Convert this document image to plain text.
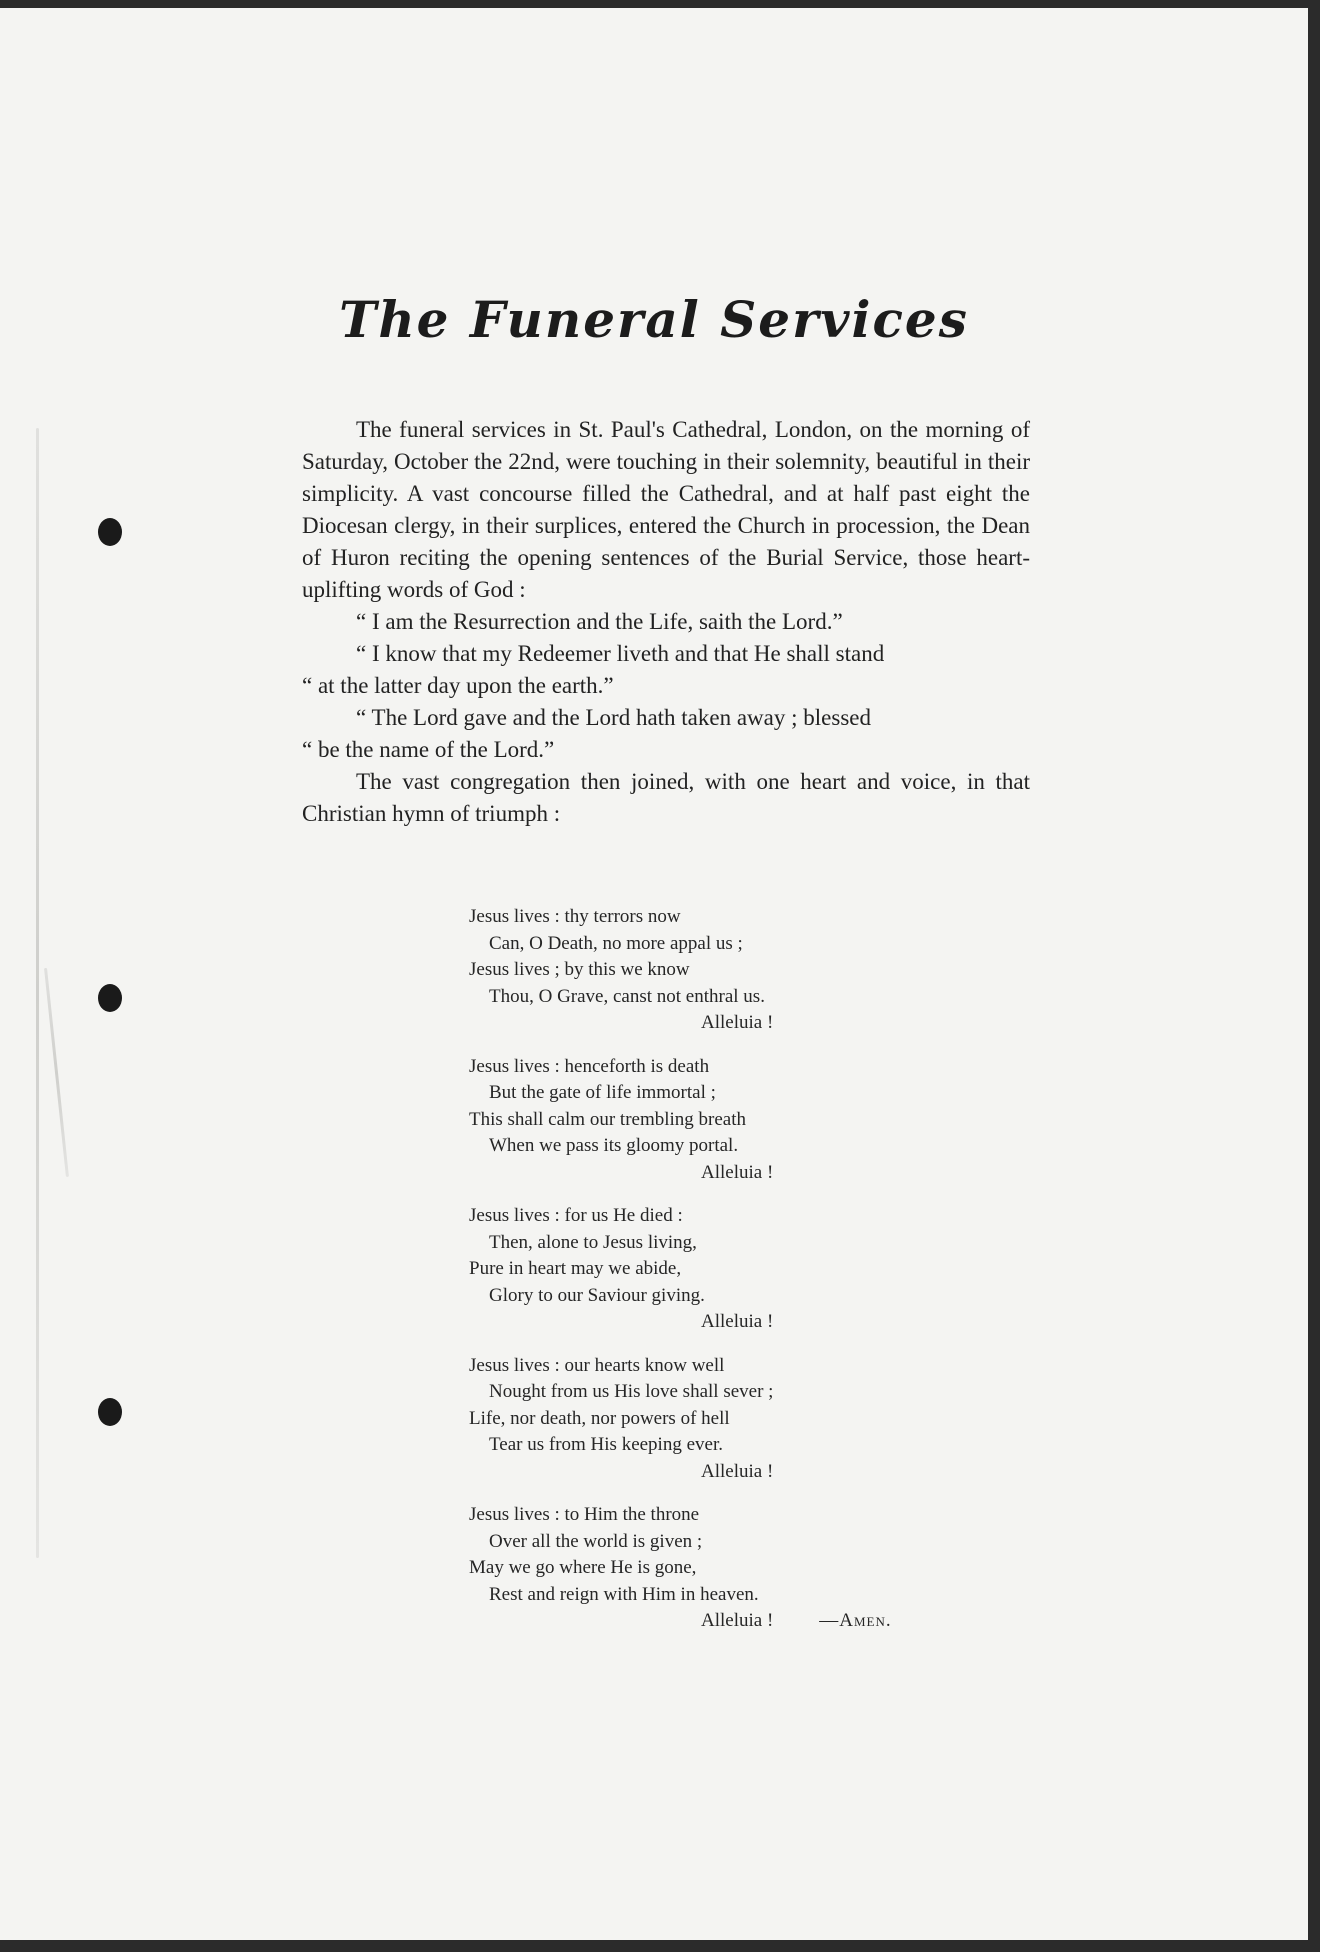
The Funeral Services

The funeral services in St. Paul's Cathedral, London, on the morning of Saturday, October the 22nd, were touching in their solemnity, beautiful in their simplicity. A vast concourse filled the Cathedral, and at half past eight the Diocesan clergy, in their surplices, entered the Church in procession, the Dean of Huron reciting the opening sentences of the Burial Service, those heart-uplifting words of God :

“ I am the Resurrection and the Life, saith the Lord.”

“ I know that my Redeemer liveth and that He shall stand

“ at the latter day upon the earth.”

“ The Lord gave and the Lord hath taken away ; blessed

“ be the name of the Lord.”

The vast congregation then joined, with one heart and voice, in that Christian hymn of triumph :

Jesus lives : thy terrors now
Can, O Death, no more appal us ;
Jesus lives ; by this we know
Thou, O Grave, canst not enthral us.
Alleluia !
Jesus lives : henceforth is death
But the gate of life immortal ;
This shall calm our trembling breath
When we pass its gloomy portal.
Alleluia !
Jesus lives : for us He died :
Then, alone to Jesus living,
Pure in heart may we abide,
Glory to our Saviour giving.
Alleluia !
Jesus lives : our hearts know well
Nought from us His love shall sever ;
Life, nor death, nor powers of hell
Tear us from His keeping ever.
Alleluia !
Jesus lives : to Him the throne
Over all the world is given ;
May we go where He is gone,
Rest and reign with Him in heaven.
Alleluia ! —Amen.
